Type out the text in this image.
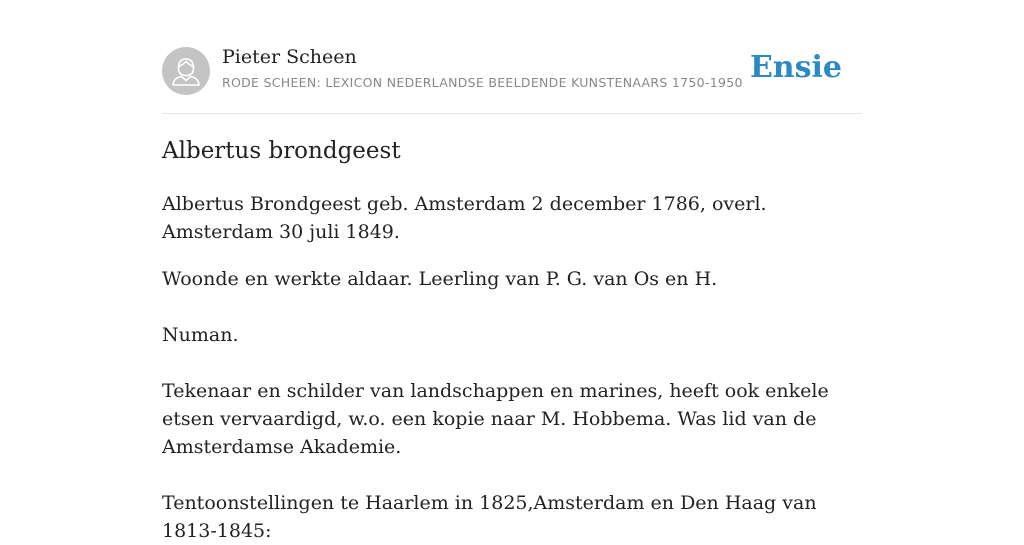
Pieter Scheen
RODE SCHEEN: LEXICON NEDERLANDSE BEELDENDE KUNSTENAARS 1750-1950 Ensie
Albertus brondgeest

Albertus Brondgeest geb. Amsterdam 2 december 1786, overl. Amsterdam 30 juli 1849.

Woonde en werkte aldaar. Leerling van P. G. van Os en H.

Numan.

Tekenaar en schilder van landschappen en marines, heeft ook enkele etsen vervaardigd, w.o. een kopie naar M. Hobbema. Was lid van de Amsterdamse Akademie.

Tentoonstellingen te Haarlem in 1825,Amsterdam en Den Haag van 1813-1845:
